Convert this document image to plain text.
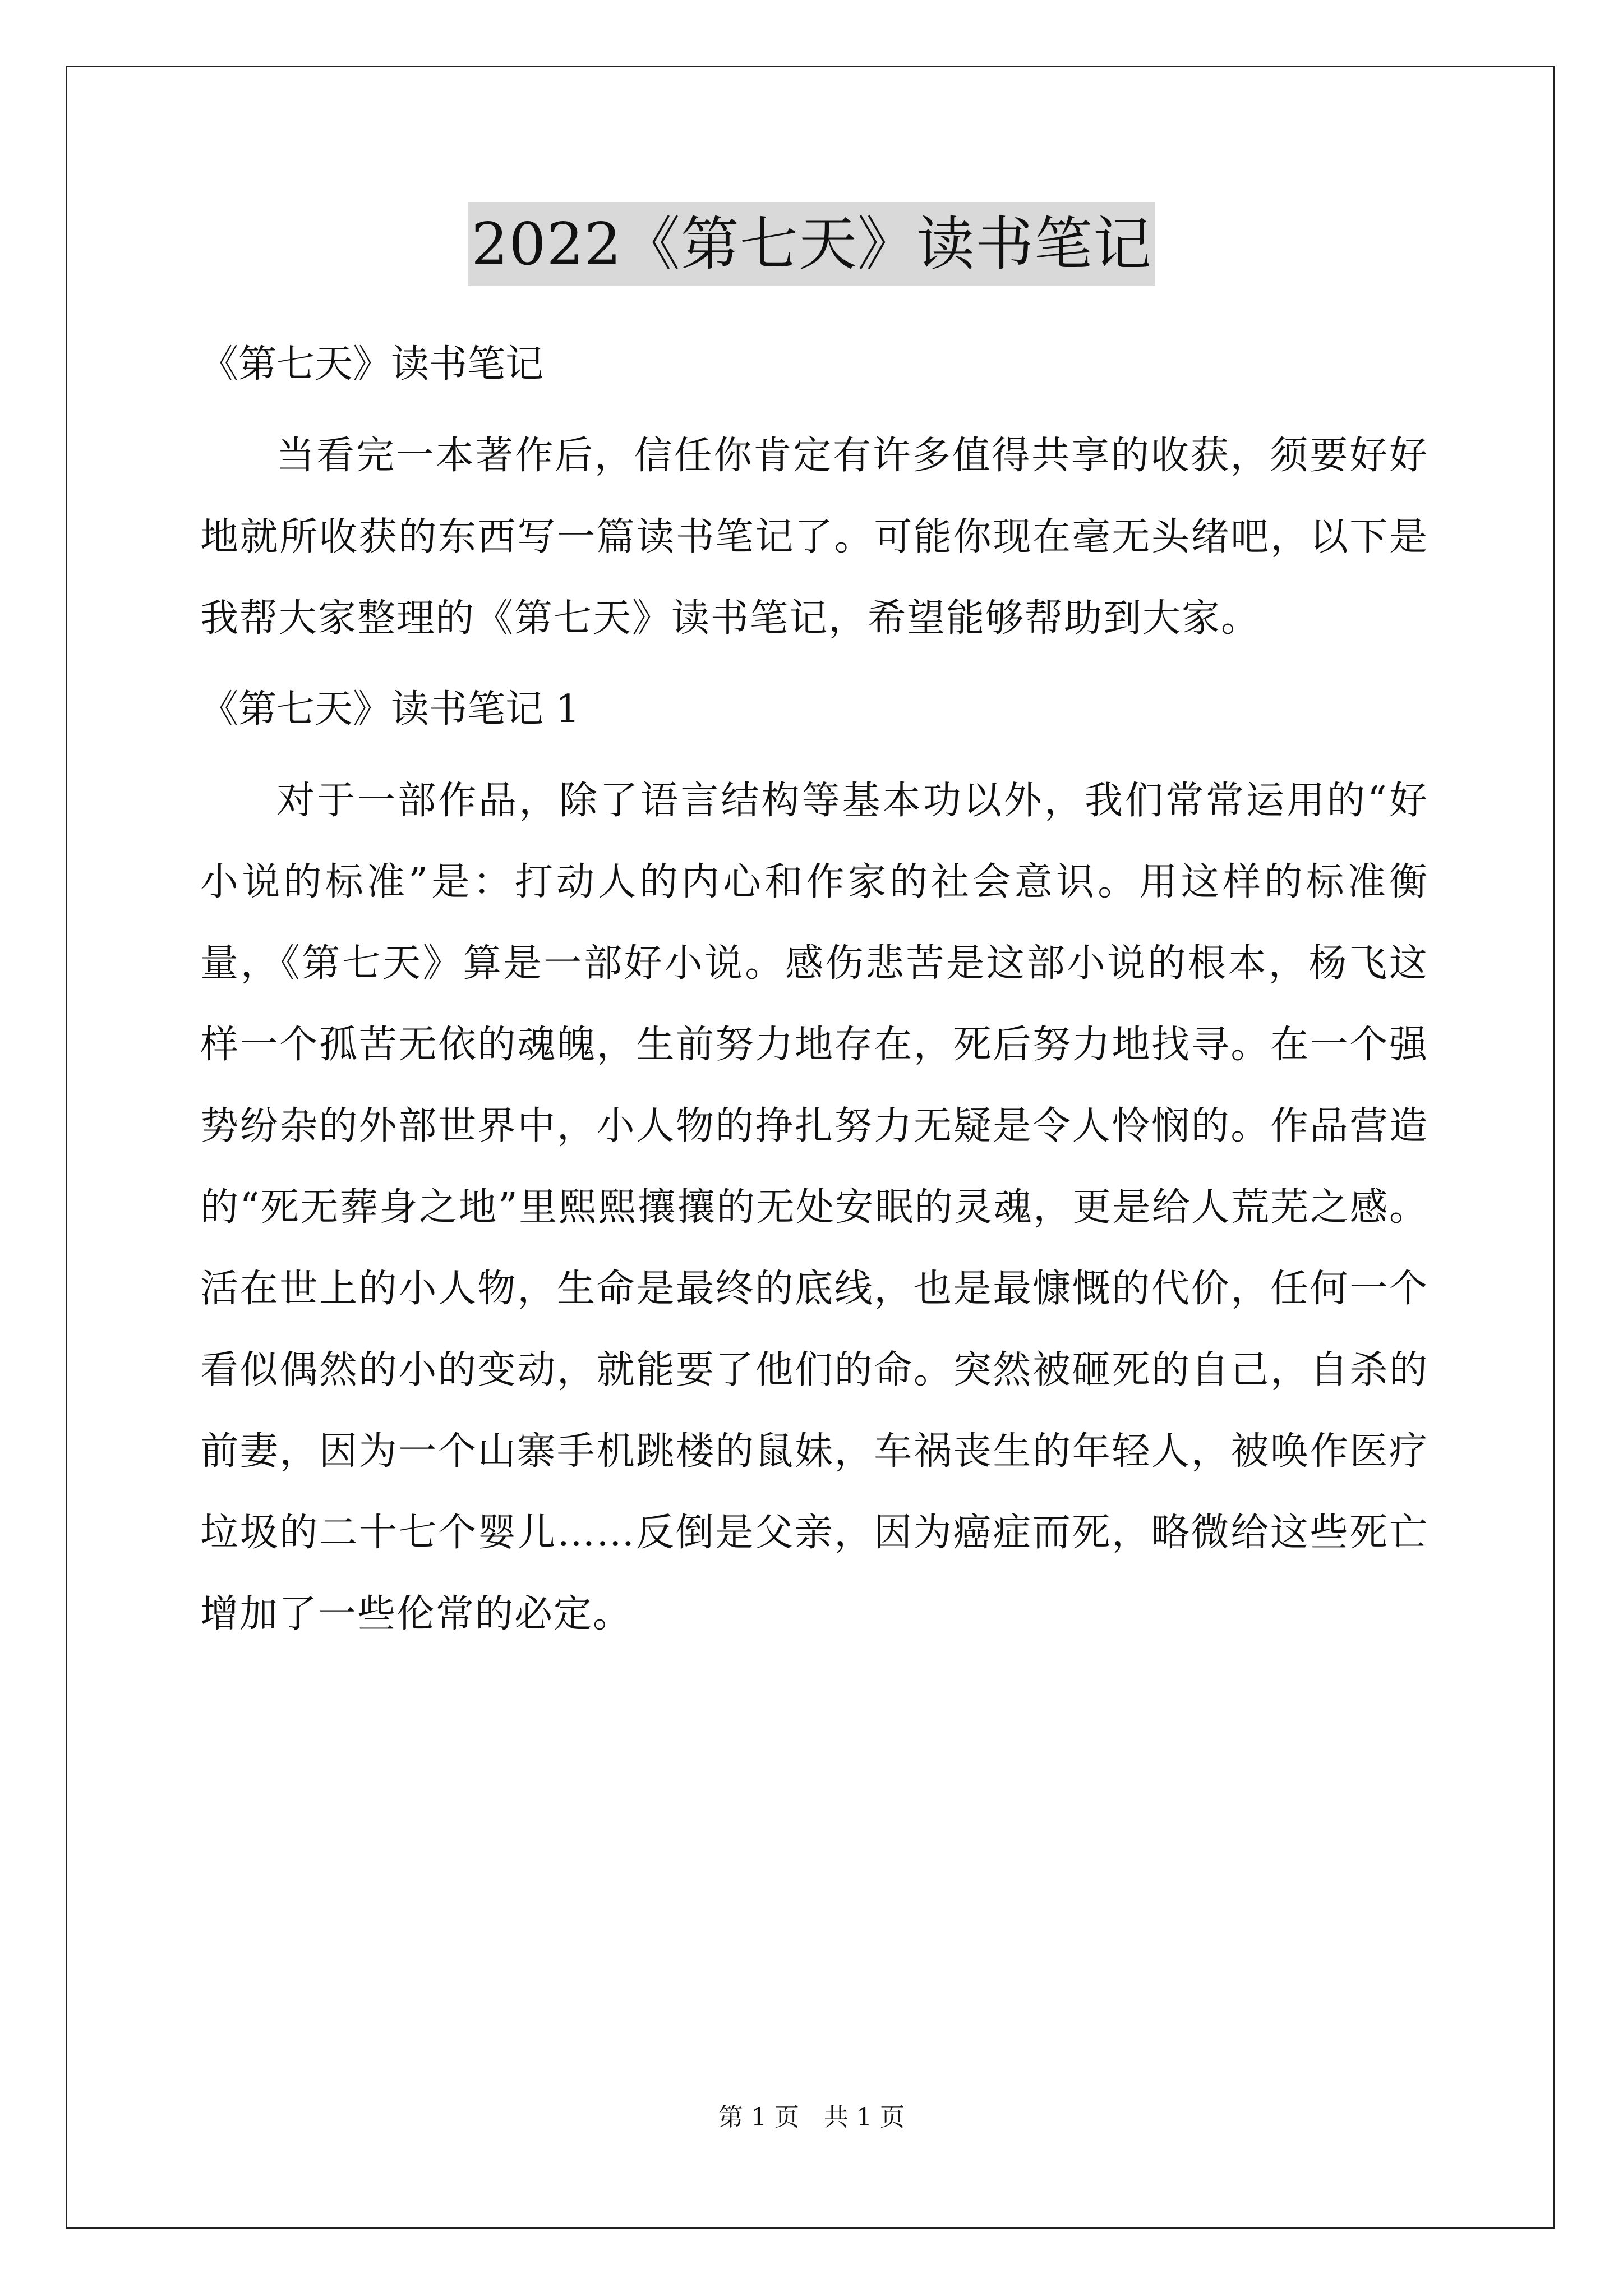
2022《第七天》读书笔记
《第七天》读书笔记

当看完一本著作后，信任你肯定有许多值得共享的收获，须要好好地就所收获的东西写一篇读书笔记了。可能你现在毫无头绪吧，以下是我帮大家整理的《第七天》读书笔记，希望能够帮助到大家。

《第七天》读书笔记 1

对于一部作品，除了语言结构等基本功以外，我们常常运用的“好小说的标准”是：打动人的内心和作家的社会意识。用这样的标准衡量，《第七天》算是一部好小说。感伤悲苦是这部小说的根本，杨飞这样一个孤苦无依的魂魄，生前努力地存在，死后努力地找寻。在一个强势纷杂的外部世界中，小人物的挣扎努力无疑是令人怜悯的。作品营造的“死无葬身之地”里熙熙攘攘的无处安眠的灵魂，更是给人荒芜之感。活在世上的小人物，生命是最终的底线，也是最慷慨的代价，任何一个看似偶然的小的变动，就能要了他们的命。突然被砸死的自己，自杀的前妻，因为一个山寨手机跳楼的鼠妹，车祸丧生的年轻人，被唤作医疗垃圾的二十七个婴儿……反倒是父亲，因为癌症而死，略微给这些死亡增加了一些伦常的必定。

第 1 页 共 1 页
